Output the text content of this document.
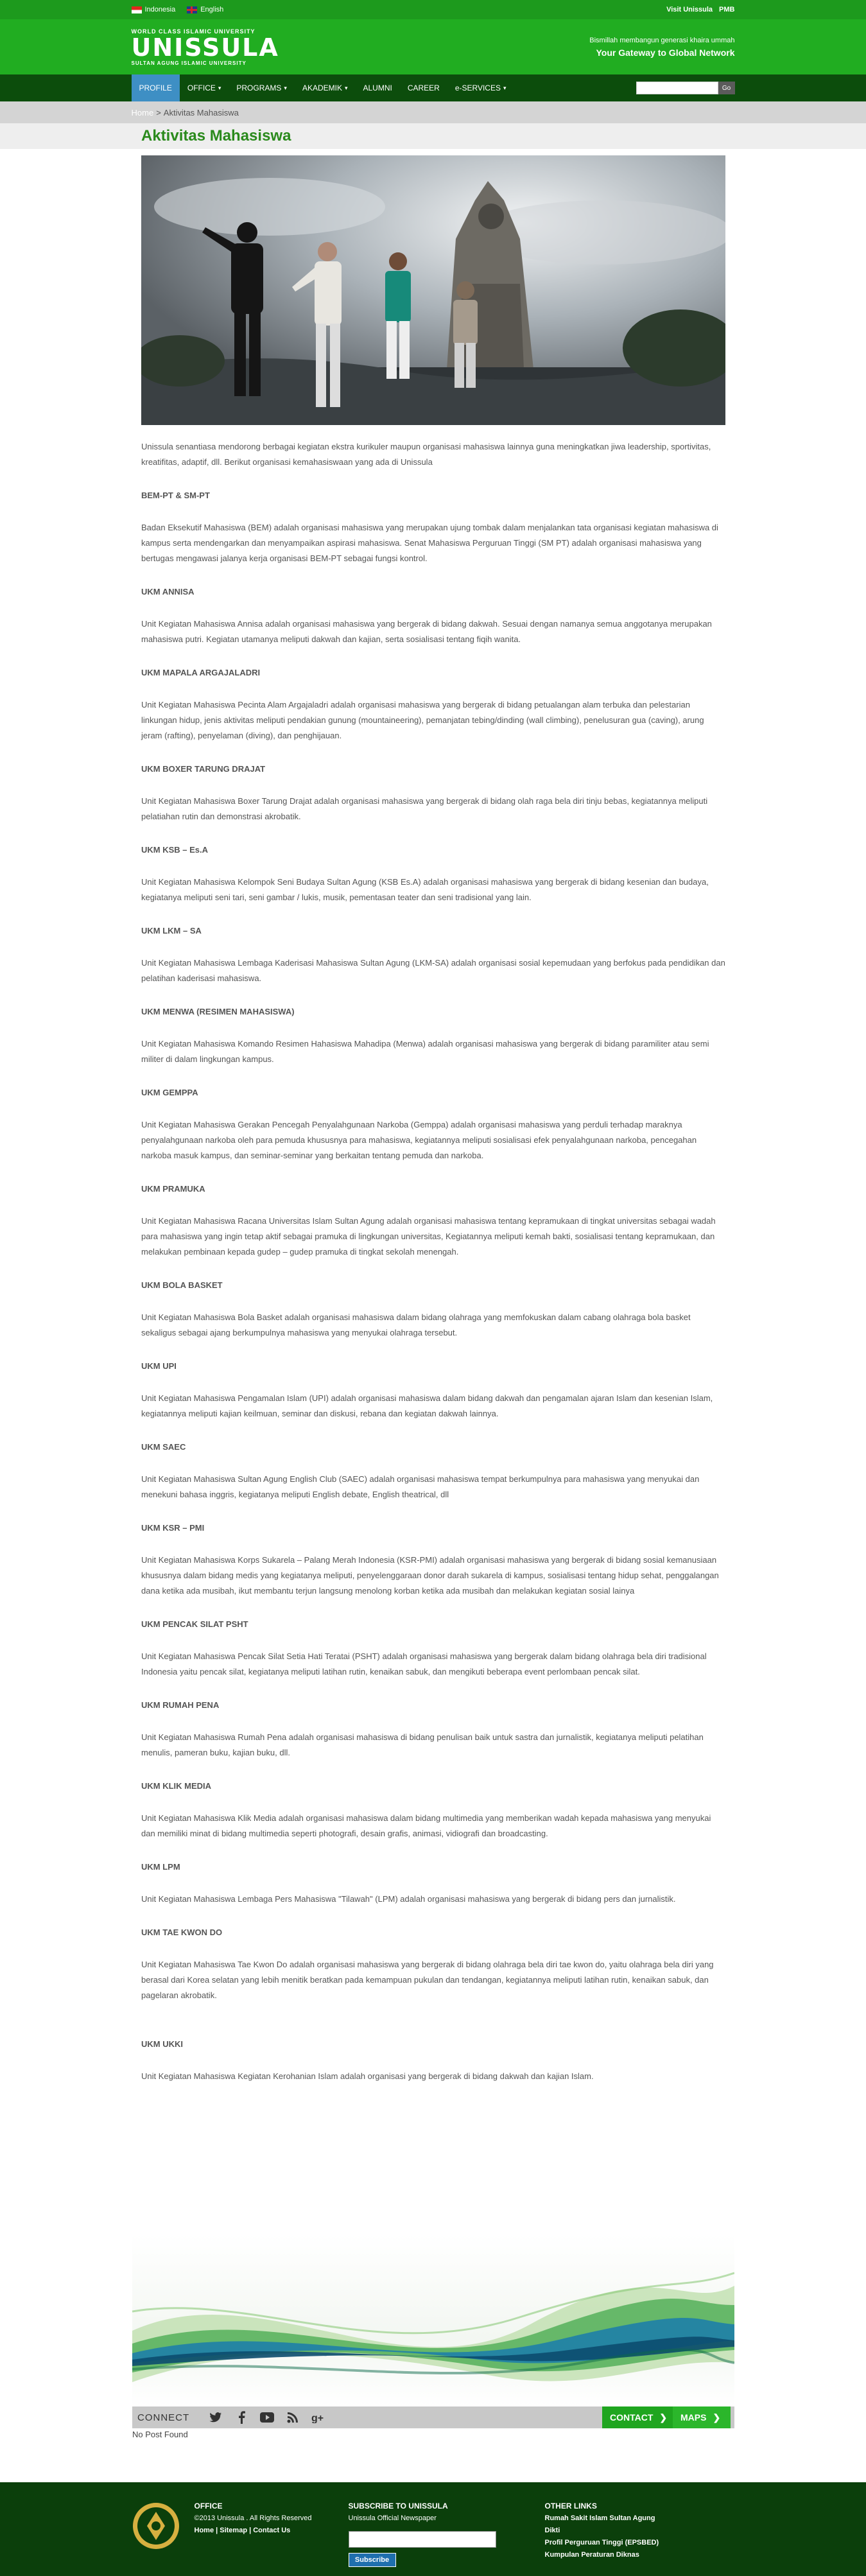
Indonesia	English	Visit Unissula PMB
WORLD CLASS ISLAMIC UNIVERSITY
UNISSULA
SULTAN AGUNG ISLAMIC UNIVERSITY
Bismillah membangun generasi khaira ummah
Your Gateway to Global Network
PROFILE OFFICE ▾ PROGRAMS ▾ AKADEMIK ▾ ALUMNI CAREER e-SERVICES ▾	Go
Home > Aktivitas Mahasiswa
Aktivitas Mahasiswa

Unissula senantiasa mendorong berbagai kegiatan ekstra kurikuler maupun organisasi mahasiswa lainnya guna meningkatkan jiwa leadership, sportivitas, kreatifitas, adaptif, dll. Berikut organisasi kemahasiswaan yang ada di Unissula

BEM-PT & SM-PT

Badan Eksekutif Mahasiswa (BEM) adalah organisasi mahasiswa yang merupakan ujung tombak dalam menjalankan tata organisasi kegiatan mahasiswa di kampus serta mendengarkan dan menyampaikan aspirasi mahasiswa. Senat Mahasiswa Perguruan Tinggi (SM PT) adalah organisasi mahasiswa yang bertugas mengawasi jalanya kerja organisasi BEM-PT sebagai fungsi kontrol.

UKM ANNISA

Unit Kegiatan Mahasiswa Annisa adalah organisasi mahasiswa yang bergerak di bidang dakwah. Sesuai dengan namanya semua anggotanya merupakan mahasiswa putri. Kegiatan utamanya meliputi dakwah dan kajian, serta sosialisasi tentang fiqih wanita.

UKM MAPALA ARGAJALADRI

Unit Kegiatan Mahasiswa Pecinta Alam Argajaladri adalah organisasi mahasiswa yang bergerak di bidang petualangan alam terbuka dan pelestarian linkungan hidup, jenis aktivitas meliputi pendakian gunung (mountaineering), pemanjatan tebing/dinding (wall climbing), penelusuran gua (caving), arung jeram (rafting), penyelaman (diving), dan penghijauan.

UKM BOXER TARUNG DRAJAT

Unit Kegiatan Mahasiswa Boxer Tarung Drajat adalah organisasi mahasiswa yang bergerak di bidang olah raga bela diri tinju bebas, kegiatannya meliputi pelatiahan rutin dan demonstrasi akrobatik.

UKM KSB – Es.A

Unit Kegiatan Mahasiswa Kelompok Seni Budaya Sultan Agung (KSB Es.A) adalah organisasi mahasiswa yang bergerak di bidang kesenian dan budaya, kegiatanya meliputi seni tari, seni gambar / lukis, musik, pementasan teater dan seni tradisional yang lain.

UKM LKM – SA

Unit Kegiatan Mahasiswa Lembaga Kaderisasi Mahasiswa Sultan Agung (LKM-SA) adalah organisasi sosial kepemudaan yang berfokus pada pendidikan dan pelatihan kaderisasi mahasiswa.

UKM MENWA (RESIMEN MAHASISWA)

Unit Kegiatan Mahasiswa Komando Resimen Hahasiswa Mahadipa (Menwa) adalah organisasi mahasiswa yang bergerak di bidang paramiliter atau semi militer di dalam lingkungan kampus.

UKM GEMPPA

Unit Kegiatan Mahasiswa Gerakan Pencegah Penyalahgunaan Narkoba (Gemppa) adalah organisasi mahasiswa yang perduli terhadap maraknya penyalahgunaan narkoba oleh para pemuda khususnya para mahasiswa, kegiatannya meliputi sosialisasi efek penyalahgunaan narkoba, pencegahan narkoba masuk kampus, dan seminar-seminar yang berkaitan tentang pemuda dan narkoba.

UKM PRAMUKA

Unit Kegiatan Mahasiswa Racana Universitas Islam Sultan Agung adalah organisasi mahasiswa tentang kepramukaan di tingkat universitas sebagai wadah para mahasiswa yang ingin tetap aktif sebagai pramuka di lingkungan universitas, Kegiatannya meliputi kemah bakti, sosialisasi tentang kepramukaan, dan melakukan pembinaan kepada gudep – gudep pramuka di tingkat sekolah menengah.

UKM BOLA BASKET

Unit Kegiatan Mahasiswa Bola Basket adalah organisasi mahasiswa dalam bidang olahraga yang memfokuskan dalam cabang olahraga bola basket sekaligus sebagai ajang berkumpulnya mahasiswa yang menyukai olahraga tersebut.

UKM UPI

Unit Kegiatan Mahasiswa Pengamalan Islam (UPI) adalah organisasi mahasiswa dalam bidang dakwah dan pengamalan ajaran Islam dan kesenian Islam, kegiatannya meliputi kajian keilmuan, seminar dan diskusi, rebana dan kegiatan dakwah lainnya.

UKM SAEC

Unit Kegiatan Mahasiswa Sultan Agung English Club (SAEC) adalah organisasi mahasiswa tempat berkumpulnya para mahasiswa yang menyukai dan menekuni bahasa inggris, kegiatanya meliputi English debate, English theatrical, dll

UKM KSR – PMI

Unit Kegiatan Mahasiswa Korps Sukarela – Palang Merah Indonesia (KSR-PMI) adalah organisasi mahasiswa yang bergerak di bidang sosial kemanusiaan khususnya dalam bidang medis yang kegiatanya meliputi, penyelenggaraan donor darah sukarela di kampus, sosialisasi tentang hidup sehat, penggalangan dana ketika ada musibah, ikut membantu terjun langsung menolong korban ketika ada musibah dan melakukan kegiatan sosial lainya

UKM PENCAK SILAT PSHT

Unit Kegiatan Mahasiswa Pencak Silat Setia Hati Teratai (PSHT) adalah organisasi mahasiswa yang bergerak dalam bidang olahraga bela diri tradisional Indonesia yaitu pencak silat, kegiatanya meliputi latihan rutin, kenaikan sabuk, dan mengikuti beberapa event perlombaan pencak silat.

UKM RUMAH PENA

Unit Kegiatan Mahasiswa Rumah Pena adalah organisasi mahasiswa di bidang penulisan baik untuk sastra dan jurnalistik, kegiatanya meliputi pelatihan menulis, pameran buku, kajian buku, dll.

UKM KLIK MEDIA

Unit Kegiatan Mahasiswa Klik Media adalah organisasi mahasiswa dalam bidang multimedia yang memberikan wadah kepada mahasiswa yang menyukai dan memiliki minat di bidang multimedia seperti photografi, desain grafis, animasi, vidiografi dan broadcasting.

UKM LPM

Unit Kegiatan Mahasiswa Lembaga Pers Mahasiswa "Tilawah" (LPM) adalah organisasi mahasiswa yang bergerak di bidang pers dan jurnalistik.

UKM TAE KWON DO

Unit Kegiatan Mahasiswa Tae Kwon Do adalah organisasi mahasiswa yang bergerak di bidang olahraga bela diri tae kwon do, yaitu olahraga bela diri yang berasal dari Korea selatan yang lebih menitik beratkan pada kemampuan pukulan dan tendangan, kegiatannya meliputi latihan rutin, kenaikan sabuk, dan pagelaran akrobatik.

UKM UKKI

Unit Kegiatan Mahasiswa Kegiatan Kerohanian Islam adalah organisasi yang bergerak di bidang dakwah dan kajian Islam.

CONNECT	g+	CONTACT ❯ MAPS ❯
No Post Found
OFFICE
©2013 Unissula . All Rights Reserved
Home | Sitemap | Contact Us
SUBSCRIBE TO UNISSULA
Unissula Official Newspaper
Subscribe
OTHER LINKS
Rumah Sakit Islam Sultan Agung
Dikti
Profil Perguruan Tinggi (EPSBED)
Kumpulan Peraturan Diknas
